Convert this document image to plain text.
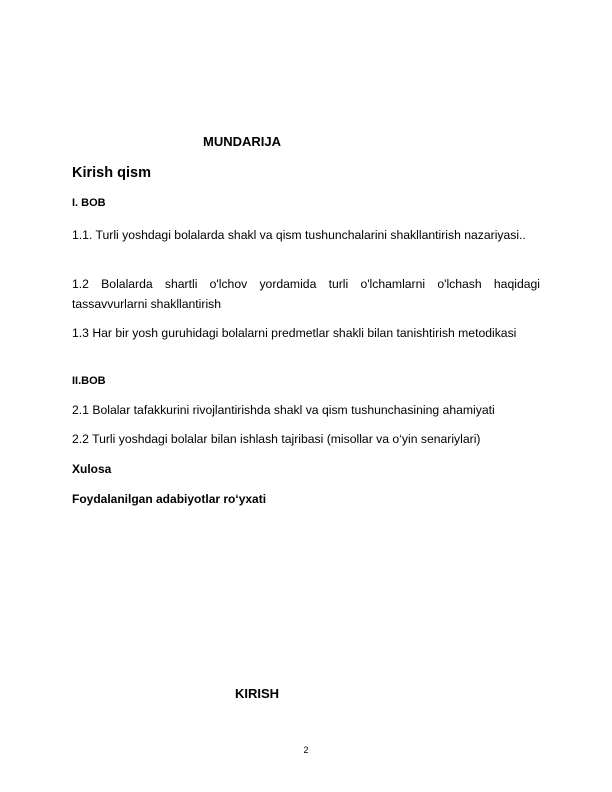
MUNDARIJA
Kirish qism
I. BOB

1.1. Turli yoshdagi bolalarda shakl va qism tushunchalarini shakllantirish nazariyasi..

1.2 Bolalarda shartli o'lchov yordamida turli o'lchamlarni o'lchash haqidagi tassavvurlarni shakllantirish

1.3 Har bir yosh guruhidagi bolalarni predmetlar shakli bilan tanishtirish metodikasi

II.BOB
2.1 Bolalar tafakkurini rivojlantirishda shakl va qism tushunchasining ahamiyati
2.2 Turli yoshdagi bolalar bilan ishlash tajribasi (misollar va o‘yin senariylari)
Xulosa
Foydalanilgan adabiyotlar ro‘yxati
KIRISH
2
